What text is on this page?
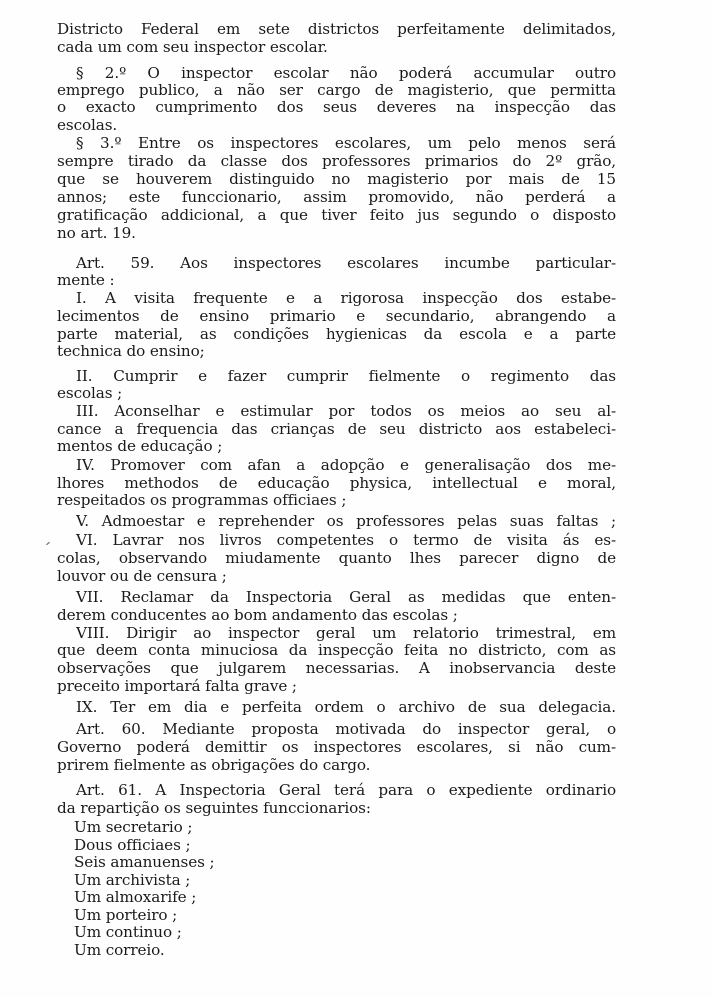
Districto Federal em sete districtos perfeitamente delimitados,
cada um com seu inspector escolar.
§ 2.º O inspector escolar não poderá accumular outro
emprego publico, a não ser cargo de magisterio, que permitta
o exacto cumprimento dos seus deveres na inspecção das
escolas.
§ 3.º Entre os inspectores escolares, um pelo menos será
sempre tirado da classe dos professores primarios do 2º grão,
que se houverem distinguido no magisterio por mais de 15
annos; este funccionario, assim promovido, não perderá a
gratificação addicional, a que tiver feito jus segundo o disposto
no art. 19.
Art. 59. Aos inspectores escolares incumbe particular-
mente :
I. A visita frequente e a rigorosa inspecção dos estabe-
lecimentos de ensino primario e secundario, abrangendo a
parte material, as condições hygienicas da escola e a parte
technica do ensino;
II. Cumprir e fazer cumprir fielmente o regimento das
escolas ;
III. Aconselhar e estimular por todos os meios ao seu al-
cance a frequencia das crianças de seu districto aos estabeleci-
mentos de educação ;
IV. Promover com afan a adopção e generalisação dos me-
lhores methodos de educação physica, intellectual e moral,
respeitados os programmas officiaes ;
V. Admoestar e reprehender os professores pelas suas faltas ;
VI. Lavrar nos livros competentes o termo de visita ás es-
colas, observando miudamente quanto lhes parecer digno de
louvor ou de censura ;
VII. Reclamar da Inspectoria Geral as medidas que enten-
derem conducentes ao bom andamento das escolas ;
VIII. Dirigir ao inspector geral um relatorio trimestral, em
que deem conta minuciosa da inspecção feita no districto, com as
observações que julgarem necessarias. A inobservancia deste
preceito importará falta grave ;
IX. Ter em dia e perfeita ordem o archivo de sua delegacia.
Art. 60. Mediante proposta motivada do inspector geral, o
Governo poderá demittir os inspectores escolares, si não cum-
prirem fielmente as obrigações do cargo.
Art. 61. A Inspectoria Geral terá para o expediente ordinario
da repartição os seguintes funccionarios:
Um secretario ;
Dous officiaes ;
Seis amanuenses ;
Um archivista ;
Um almoxarife ;
Um porteiro ;
Um continuo ;
Um correio.
